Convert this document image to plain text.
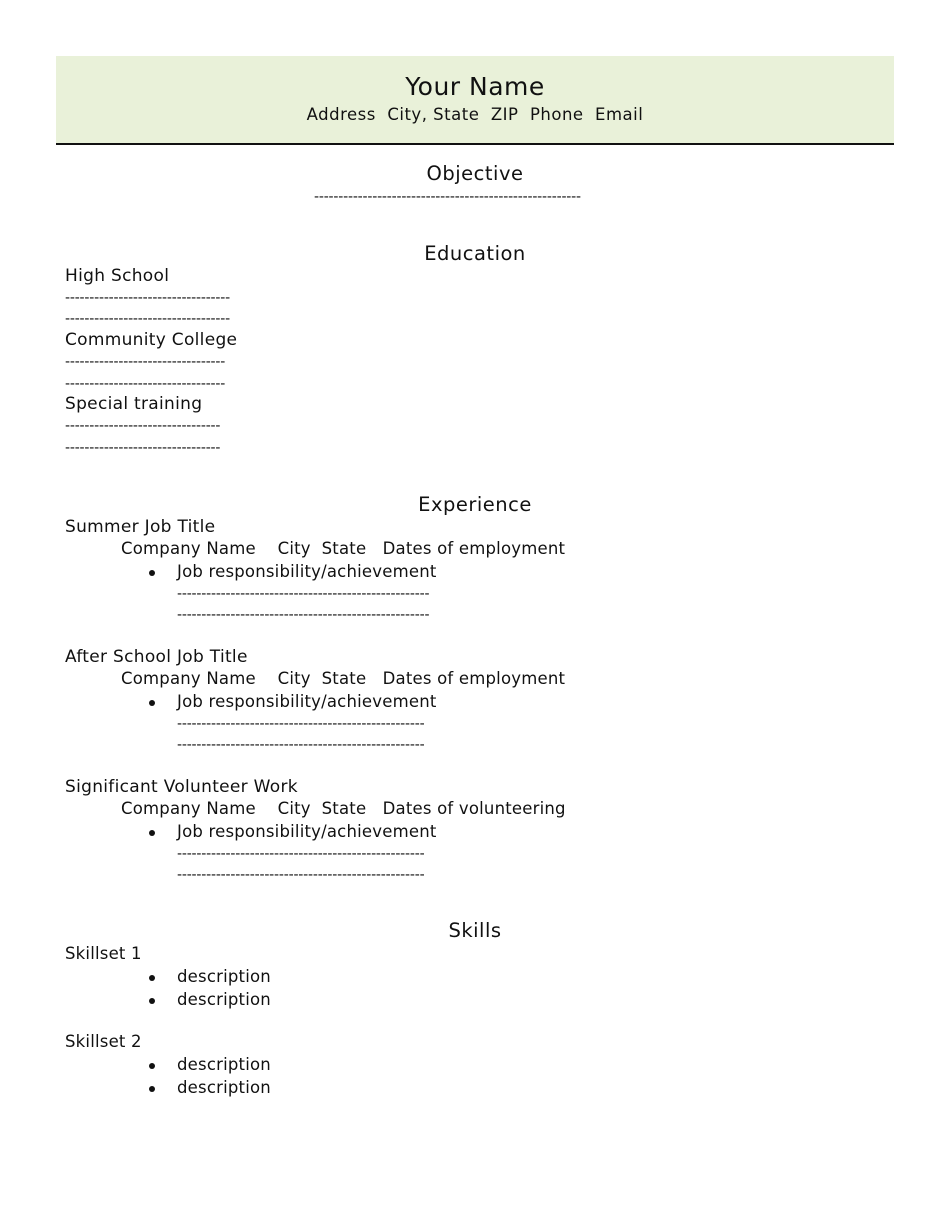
Your Name
Address  City, State  ZIP  Phone  Email
Objective
-------------------------------------------------------
Education
High School
----------------------------------
----------------------------------
Community College
---------------------------------
---------------------------------
Special training
--------------------------------
--------------------------------
Experience
Summer Job Title
Company Name    City  State   Dates of employment
Job responsibility/achievement
----------------------------------------------------
----------------------------------------------------
After School Job Title
Company Name    City  State   Dates of employment
Job responsibility/achievement
---------------------------------------------------
---------------------------------------------------
Significant Volunteer Work
Company Name    City  State   Dates of volunteering
Job responsibility/achievement
---------------------------------------------------
---------------------------------------------------
Skills
Skillset 1
description
description
Skillset 2
description
description
